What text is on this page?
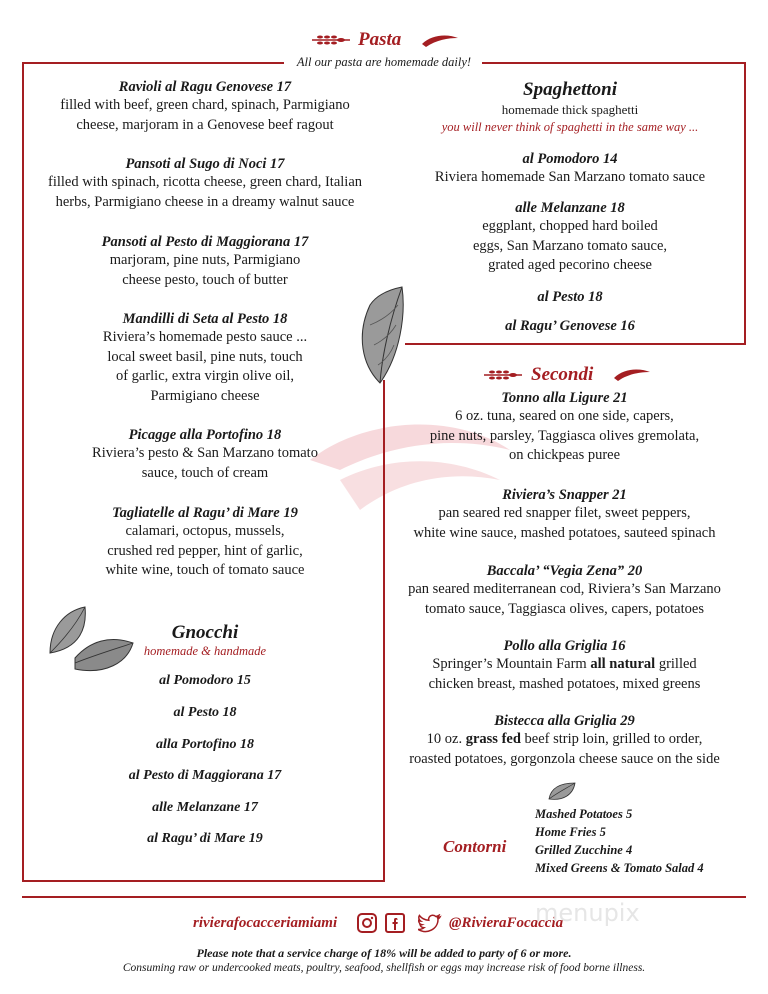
Pasta
All our pasta are homemade daily!
Ravioli al Ragu Genovese 17
filled with beef, green chard, spinach, Parmigiano
cheese, marjoram in a Genovese beef ragout
Pansoti al Sugo di Noci 17
filled with spinach, ricotta cheese, green chard, Italian
herbs, Parmigiano cheese in a dreamy walnut sauce
Pansoti al Pesto di Maggiorana 17
marjoram, pine nuts, Parmigiano
cheese pesto, touch of butter
Mandilli di Seta al Pesto 18
Riviera’s homemade pesto sauce ...
local sweet basil, pine nuts, touch
of garlic, extra virgin olive oil,
Parmigiano cheese
Picagge alla Portofino 18
Riviera’s pesto & San Marzano tomato
sauce, touch of cream
Tagliatelle al Ragu’ di Mare 19
calamari, octopus, mussels,
crushed red pepper, hint of garlic,
white wine, touch of tomato sauce
Gnocchi
homemade & handmade
al Pomodoro 15
al Pesto 18
alla Portofino 18
al Pesto di Maggiorana 17
alle Melanzane 17
al Ragu’ di Mare 19
Spaghettoni
homemade thick spaghetti
you will never think of spaghetti in the same way ...
al Pomodoro 14
Riviera homemade San Marzano tomato sauce
alle Melanzane 18
eggplant, chopped hard boiled
eggs, San Marzano tomato sauce,
grated aged pecorino cheese
al Pesto 18
al Ragu’ Genovese 16
Secondi
Tonno alla Ligure 21
6 oz. tuna, seared on one side, capers,
pine nuts, parsley, Taggiasca olives gremolata,
on chickpeas puree
Riviera’s Snapper 21
pan seared red snapper filet, sweet peppers,
white wine sauce, mashed potatoes, sauteed spinach
Baccala’ “Vegia Zena” 20
pan seared mediterranean cod, Riviera’s San Marzano
tomato sauce, Taggiasca olives, capers, potatoes
Pollo alla Griglia 16
Springer’s Mountain Farm all natural grilled
chicken breast, mashed potatoes, mixed greens
Bistecca alla Griglia 29
10 oz. grass fed beef strip loin, grilled to order,
roasted potatoes, gorgonzola cheese sauce on the side
Contorni
Mashed Potatoes 5
Home Fries 5
Grilled Zucchine 4
Mixed Greens & Tomato Salad 4
rivierafocacceriamiami	@RivieraFocaccia
menupix
Please note that a service charge of 18% will be added to party of 6 or more.
Consuming raw or undercooked meats, poultry, seafood, shellfish or eggs may increase risk of food borne illness.
